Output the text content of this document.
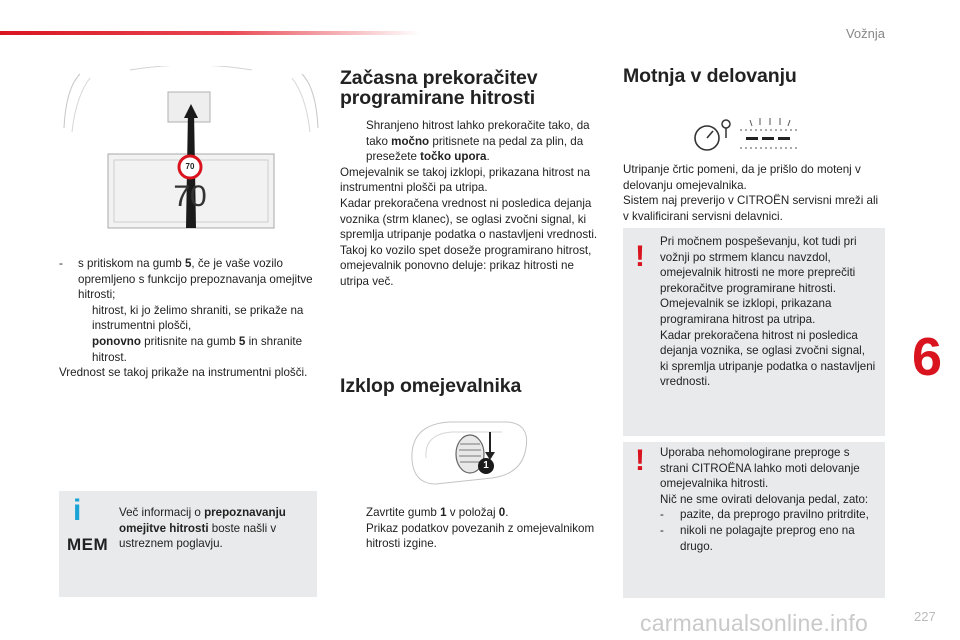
Vožnja
6
70
70
-	s pritiskom na gumb 5, če je vaše vozilo opremljeno s funkcijo prepoznavanja omejitve hitrosti;
hitrost, ki jo želimo shraniti, se prikaže na instrumentni plošči,
ponovno pritisnite na gumb 5 in shranite hitrost.

Vrednost se takoj prikaže na instrumentni plošči.

i
MEM

Več informacij o prepoznavanju omejitve hitrosti boste našli v ustreznem poglavju.

Začasna prekoračitev programirane hitrosti
Shranjeno hitrost lahko prekoračite tako, da tako močno pritisnete na pedal za plin, da presežete točko upora.

Omejevalnik se takoj izklopi, prikazana hitrost na instrumentni plošči pa utripa.

Kadar prekoračena vrednost ni posledica dejanja voznika (strm klanec), se oglasi zvočni signal, ki spremlja utripanje podatka o nastavljeni vrednosti.

Takoj ko vozilo spet doseže programirano hitrost, omejevalnik ponovno deluje: prikaz hitrosti ne utripa več.

Izklop omejevalnika
1
Zavrtite gumb 1 v položaj 0.
Prikaz podatkov povezanih z omejevalnikom hitrosti izgine.
Motnja v delovanju

Utripanje črtic pomeni, da je prišlo do motenj v delovanju omejevalnika.

Sistem naj preverijo v CITROËN servisni mreži ali v kvalificirani servisni delavnici.

! Pri močnem pospeševanju, kot tudi pri vožnji po strmem klancu navzdol, omejevalnik hitrosti ne more preprečiti prekoračitve programirane hitrosti.

Omejevalnik se izklopi, prikazana programirana hitrost pa utripa.

Kadar prekoračena hitrost ni posledica dejanja voznika, se oglasi zvočni signal, ki spremlja utripanje podatka o nastavljeni vrednosti.

! Uporaba nehomologirane preproge s strani CITROËNA lahko moti delovanje omejevalnika hitrosti.

Nič ne sme ovirati delovanja pedal, zato:

-	pazite, da preprogo pravilno pritrdite,
-	nikoli ne polagajte preprog eno na drugo.
carmanualsonline.info	227
